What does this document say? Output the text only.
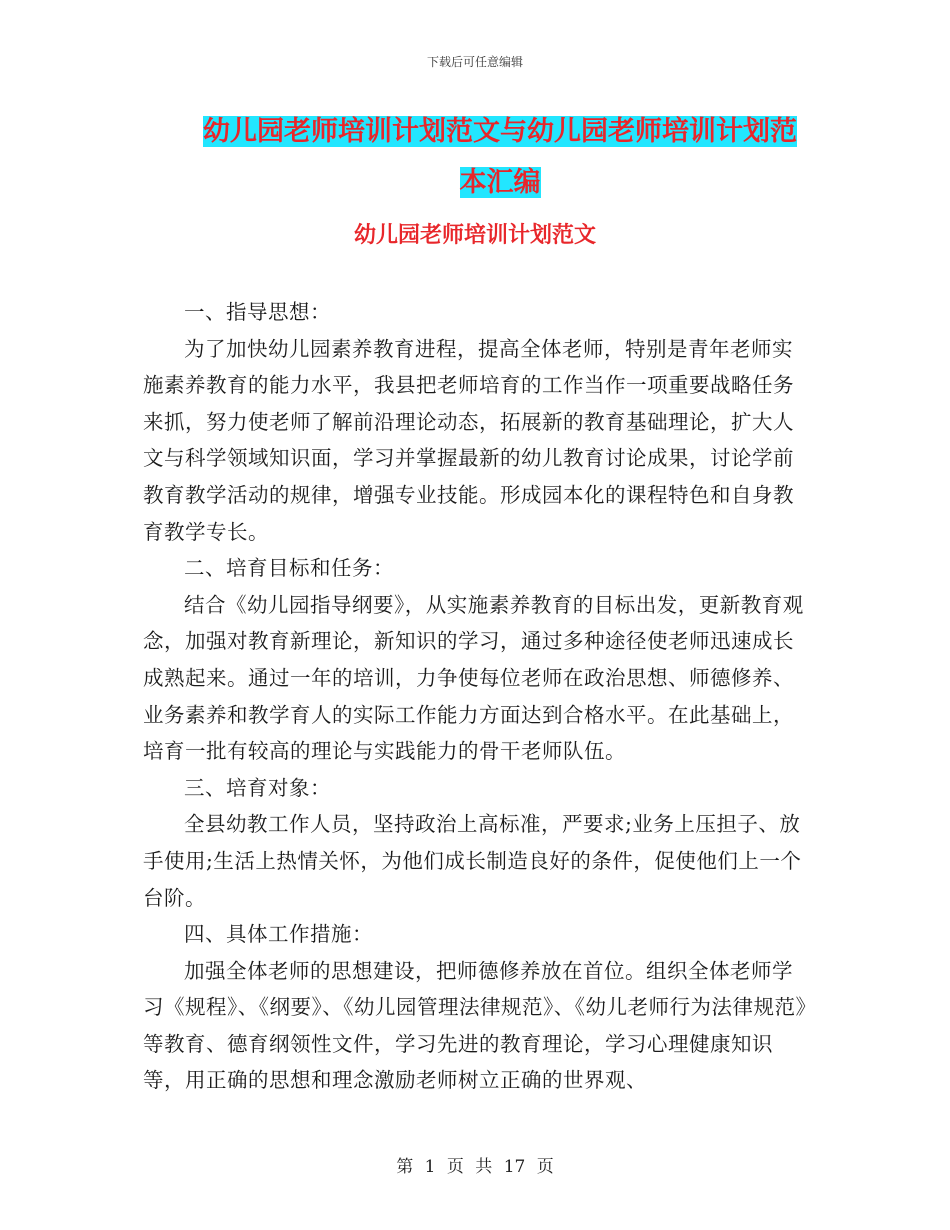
下载后可任意编辑
幼儿园老师培训计划范文与幼儿园老师培训计划范本汇编
幼儿园老师培训计划范文

一、指导思想：

为了加快幼儿园素养教育进程，提高全体老师，特别是青年老师实施素养教育的能力水平，我县把老师培育的工作当作一项重要战略任务来抓，努力使老师了解前沿理论动态，拓展新的教育基础理论，扩大人文与科学领域知识面，学习并掌握最新的幼儿教育讨论成果，讨论学前教育教学活动的规律，增强专业技能。形成园本化的课程特色和自身教育教学专长。

二、培育目标和任务：

结合《幼儿园指导纲要》，从实施素养教育的目标出发，更新教育观念，加强对教育新理论，新知识的学习，通过多种途径使老师迅速成长成熟起来。通过一年的培训，力争使每位老师在政治思想、师德修养、业务素养和教学育人的实际工作能力方面达到合格水平。在此基础上，培育一批有较高的理论与实践能力的骨干老师队伍。

三、培育对象：

全县幼教工作人员，坚持政治上高标准，严要求;业务上压担子、放手使用;生活上热情关怀，为他们成长制造良好的条件，促使他们上一个台阶。

四、具体工作措施：

加强全体老师的思想建设，把师德修养放在首位。组织全体老师学习《规程》、《纲要》、《幼儿园管理法律规范》、《幼儿老师行为法律规范》等教育、德育纲领性文件，学习先进的教育理论，学习心理健康知识等，用正确的思想和理念激励老师树立正确的世界观、

第 1 页 共 17 页
